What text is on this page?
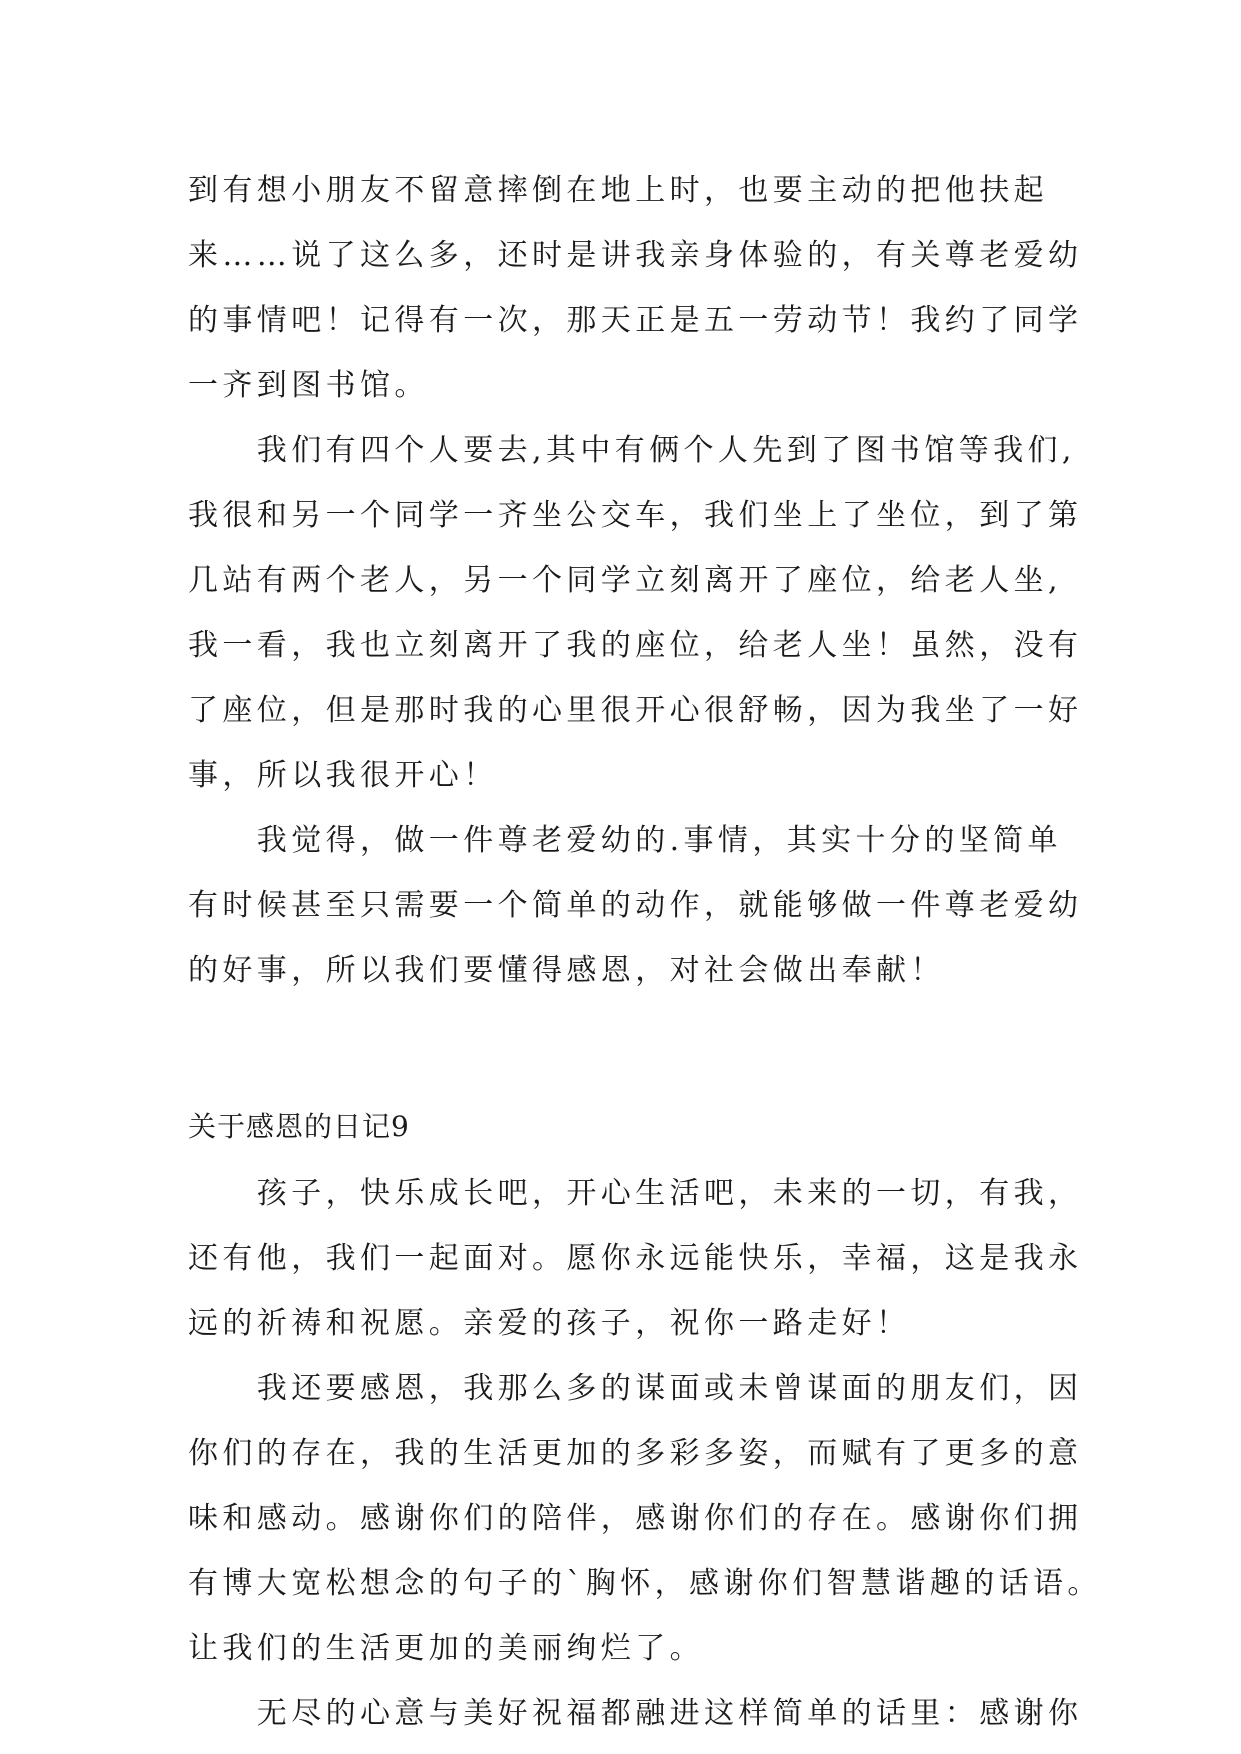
到有想小朋友不留意摔倒在地上时，也要主动的把他扶起
来……说了这么多，还时是讲我亲身体验的，有关尊老爱幼
的事情吧！记得有一次，那天正是五一劳动节！我约了同学
一齐到图书馆。
　　我们有四个人要去,其中有俩个人先到了图书馆等我们,
我很和另一个同学一齐坐公交车，我们坐上了坐位，到了第
几站有两个老人，另一个同学立刻离开了座位，给老人坐,
我一看，我也立刻离开了我的座位，给老人坐！虽然，没有
了座位，但是那时我的心里很开心很舒畅，因为我坐了一好
事，所以我很开心！
　　我觉得，做一件尊老爱幼的.事情，其实十分的坚简单
有时候甚至只需要一个简单的动作，就能够做一件尊老爱幼
的好事，所以我们要懂得感恩，对社会做出奉献！
关于感恩的日记9
　　孩子，快乐成长吧，开心生活吧，未来的一切，有我，
还有他，我们一起面对。愿你永远能快乐，幸福，这是我永
远的祈祷和祝愿。亲爱的孩子，祝你一路走好！
　　我还要感恩，我那么多的谋面或未曾谋面的朋友们，因
你们的存在，我的生活更加的多彩多姿，而赋有了更多的意
味和感动。感谢你们的陪伴，感谢你们的存在。感谢你们拥
有博大宽松想念的句子的`胸怀，感谢你们智慧谐趣的话语。
让我们的生活更加的美丽绚烂了。
　　无尽的心意与美好祝福都融进这样简单的话里：感谢你
